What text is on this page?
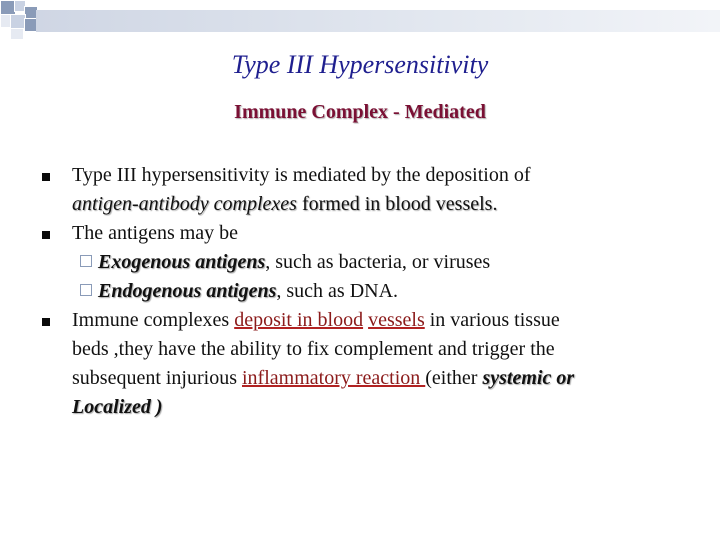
Type III Hypersensitivity
Immune Complex - Mediated
Type III hypersensitivity is mediated by the deposition of
antigen-antibody complexes formed in blood vessels.
The antigens may be
Exogenous antigens, such as bacteria, or viruses
Endogenous antigens, such as DNA.
Immune complexes deposit in blood vessels in various tissue
beds ,they have the ability to fix complement and trigger the
subsequent injurious inflammatory reaction (either systemic or
Localized )
